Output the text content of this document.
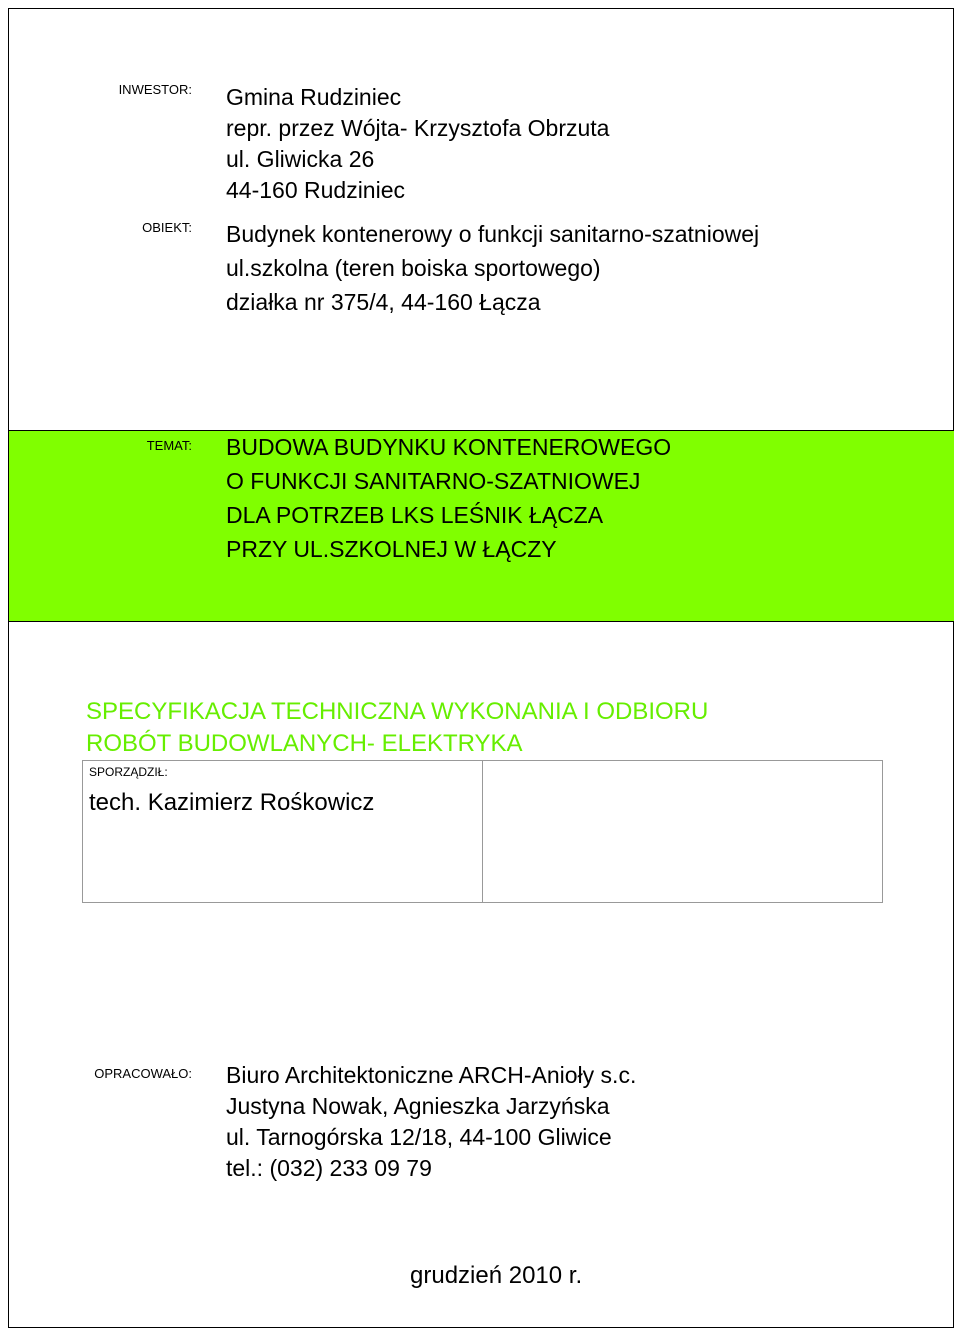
INWESTOR: Gmina Rudziniec
repr. przez Wójta- Krzysztofa Obrzuta
ul. Gliwicka 26
44-160 Rudziniec
OBIEKT: Budynek kontenerowy o funkcji sanitarno-szatniowej
ul.szkolna (teren boiska sportowego)
działka nr 375/4, 44-160 Łącza
TEMAT: BUDOWA BUDYNKU KONTENEROWEGO
O FUNKCJI SANITARNO-SZATNIOWEJ
DLA POTRZEB LKS LEŚNIK ŁĄCZA
PRZY UL.SZKOLNEJ W ŁĄCZY
SPECYFIKACJA TECHNICZNA WYKONANIA I ODBIORU
ROBÓT BUDOWLANYCH- ELEKTRYKA
SPORZĄDZIŁ:
tech. Kazimierz Rośkowicz
OPRACOWAŁO: Biuro Architektoniczne ARCH-Anioły s.c.
Justyna Nowak, Agnieszka Jarzyńska
ul. Tarnogórska 12/18, 44-100 Gliwice
tel.: (032) 233 09 79
grudzień 2010 r.
